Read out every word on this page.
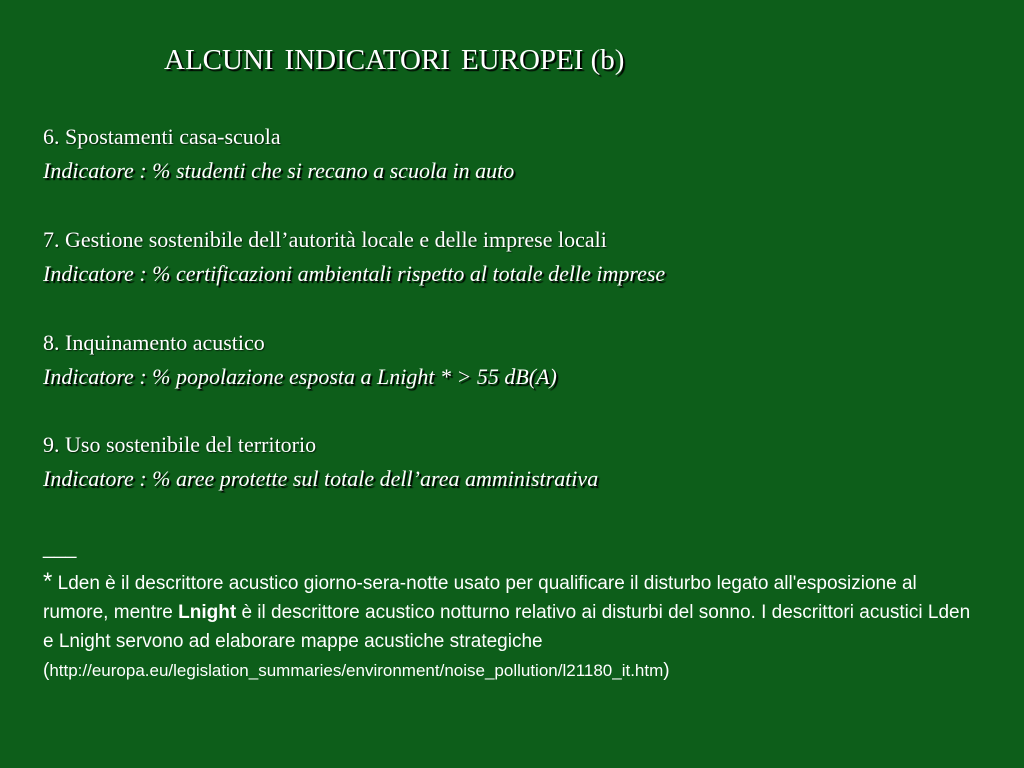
ALCUNI INDICATORI EUROPEI (b)
6. Spostamenti casa-scuola
Indicatore : % studenti che si recano a scuola in auto
7. Gestione sostenibile dell’autorità locale e delle imprese locali
Indicatore : % certificazioni ambientali rispetto al totale delle imprese
8. Inquinamento acustico
Indicatore : % popolazione esposta a Lnight * > 55 dB(A)
9. Uso sostenibile del territorio
Indicatore : % aree protette sul totale dell’area amministrativa
___
* Lden è il descrittore acustico giorno-sera-notte usato per qualificare il disturbo legato all'esposizione al rumore, mentre Lnight è il descrittore acustico notturno relativo ai disturbi del sonno. I descrittori acustici Lden e Lnight servono ad elaborare mappe acustiche strategiche (http://europa.eu/legislation_summaries/environment/noise_pollution/l21180_it.htm)
